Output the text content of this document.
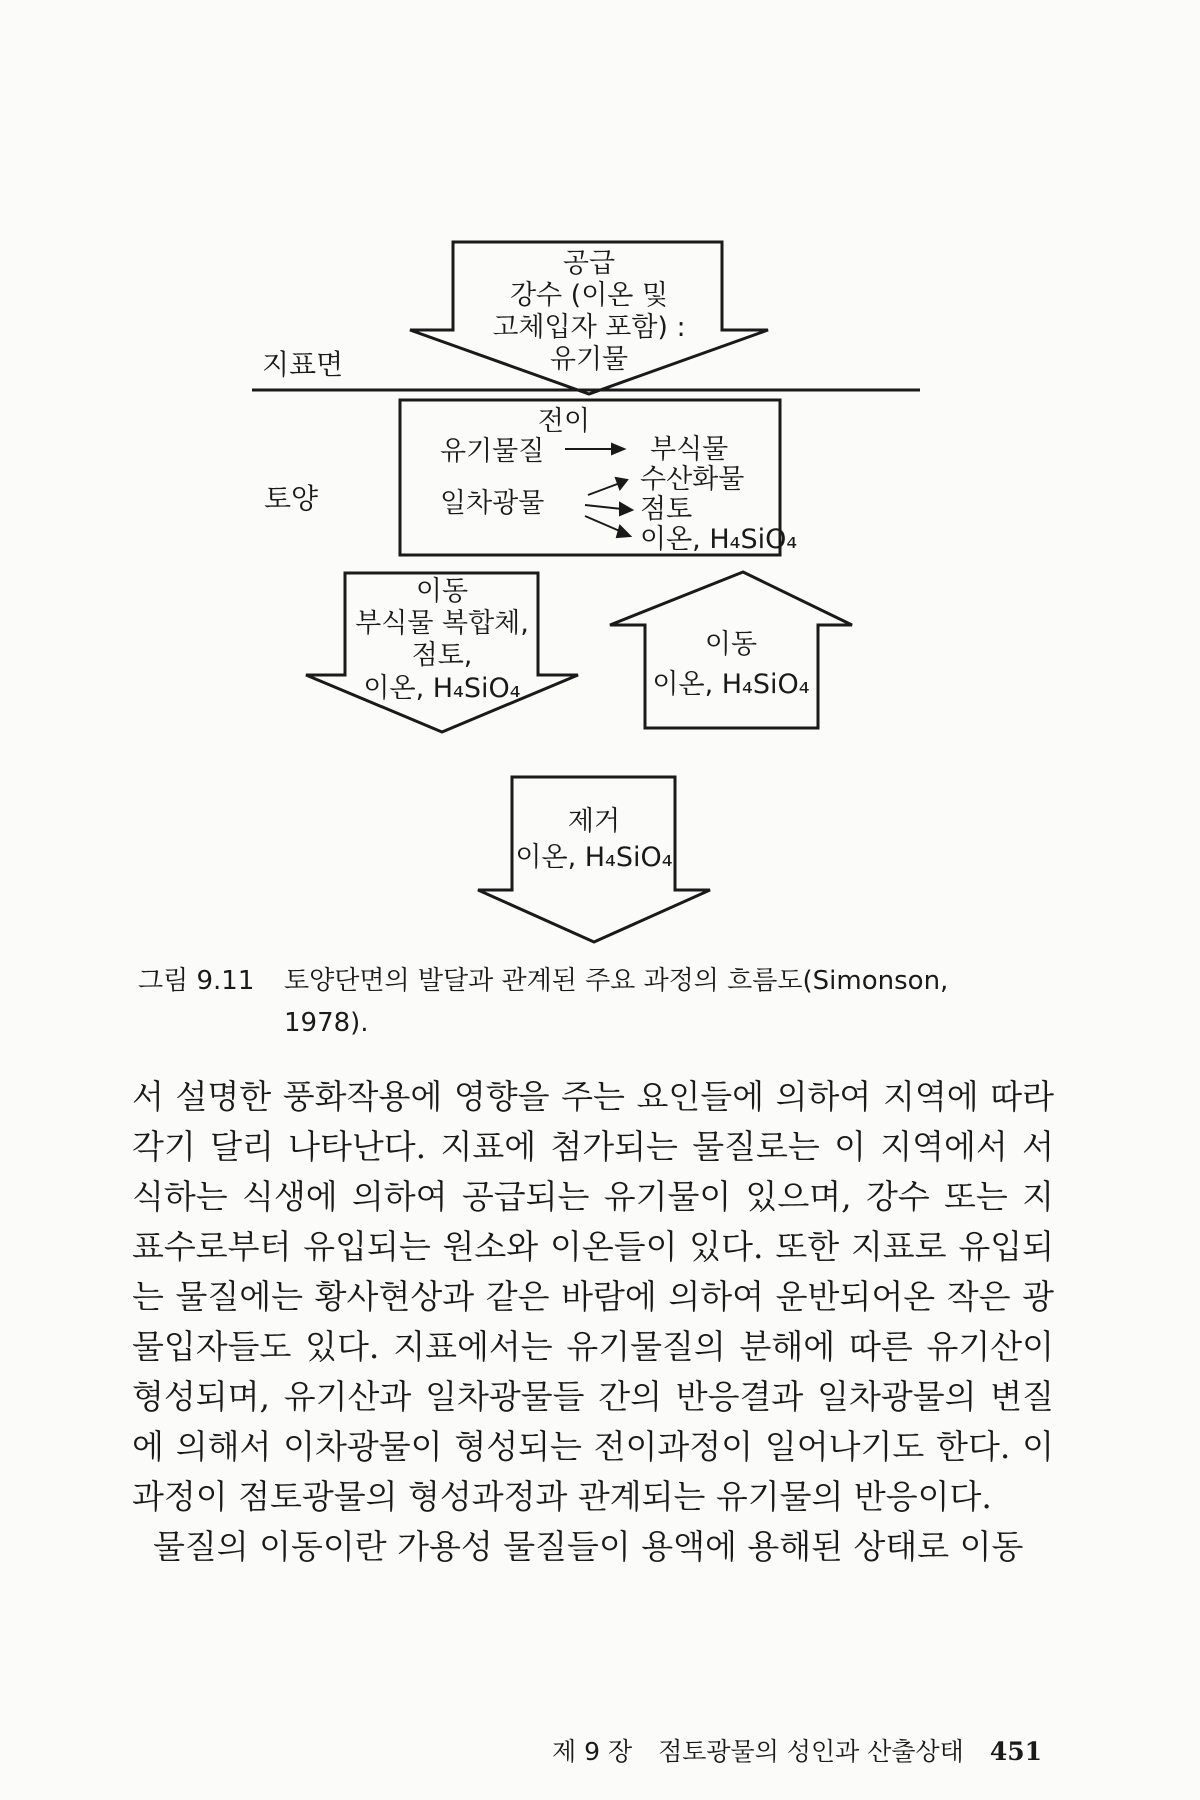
지표면
토양
공급
강수 (이온 및
고체입자 포함) :
유기물
전이
유기물질
일차광물
부식물
수산화물
점토
이온, H₄SiO₄
이동
부식물 복합체,
점토,
이온, H₄SiO₄
이동
이온, H₄SiO₄
제거
이온, H₄SiO₄

그림 9.11 토양단면의 발달과 관계된 주요 과정의 흐름도(Simonson,
1978).

서 설명한 풍화작용에 영향을 주는 요인들에 의하여 지역에 따라 각기 달리 나타난다. 지표에 첨가되는 물질로는 이 지역에서 서식하는 식생에 의하여 공급되는 유기물이 있으며, 강수 또는 지표수로부터 유입되는 원소와 이온들이 있다. 또한 지표로 유입되는 물질에는 황사현상과 같은 바람에 의하여 운반되어온 작은 광물입자들도 있다. 지표에서는 유기물질의 분해에 따른 유기산이 형성되며, 유기산과 일차광물들 간의 반응결과 일차광물의 변질에 의해서 이차광물이 형성되는 전이과정이 일어나기도 한다. 이 과정이 점토광물의 형성과정과 관계되는 유기물의 반응이다.
물질의 이동이란 가용성 물질들이 용액에 용해된 상태로 이동

제 9 장 점토광물의 성인과 산출상태 451
